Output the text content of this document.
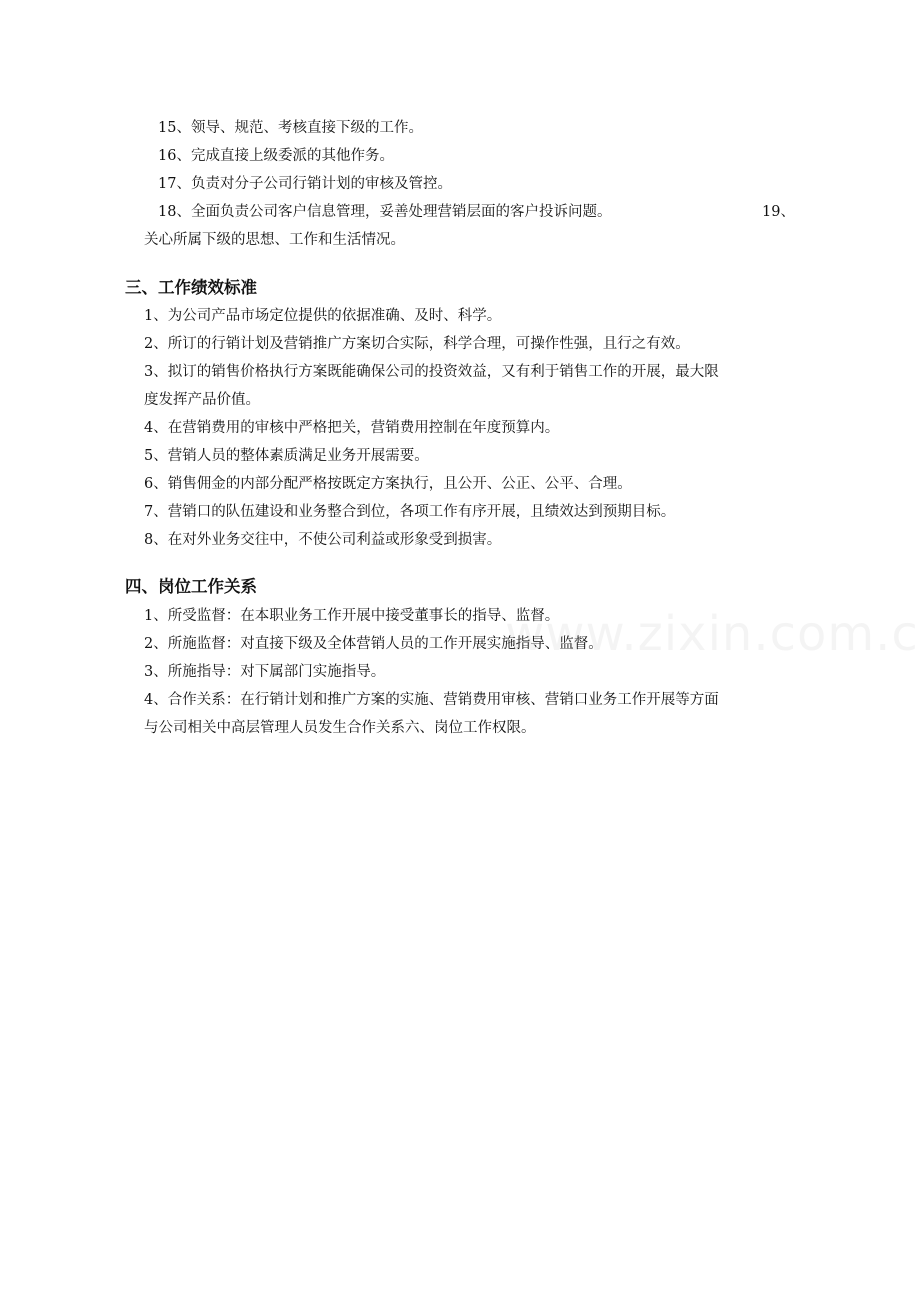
15、领导、规范、考核直接下级的工作。
16、完成直接上级委派的其他作务。
17、负责对分子公司行销计划的审核及管控。
18、全面负责公司客户信息管理，妥善处理营销层面的客户投诉问题。	19、
关心所属下级的思想、工作和生活情况。
三、工作绩效标准
1、为公司产品市场定位提供的依据准确、及时、科学。
2、所订的行销计划及营销推广方案切合实际，科学合理，可操作性强，且行之有效。
3、拟订的销售价格执行方案既能确保公司的投资效益，又有利于销售工作的开展，最大限
度发挥产品价值。
4、在营销费用的审核中严格把关，营销费用控制在年度预算内。
5、营销人员的整体素质满足业务开展需要。
6、销售佣金的内部分配严格按既定方案执行，且公开、公正、公平、合理。
7、营销口的队伍建设和业务整合到位，各项工作有序开展，且绩效达到预期目标。
8、在对外业务交往中，不使公司利益或形象受到损害。
四、岗位工作关系
1、所受监督：在本职业务工作开展中接受董事长的指导、监督。
2、所施监督：对直接下级及全体营销人员的工作开展实施指导、监督。
3、所施指导：对下属部门实施指导。
4、合作关系：在行销计划和推广方案的实施、营销费用审核、营销口业务工作开展等方面
与公司相关中高层管理人员发生合作关系六、岗位工作权限。
